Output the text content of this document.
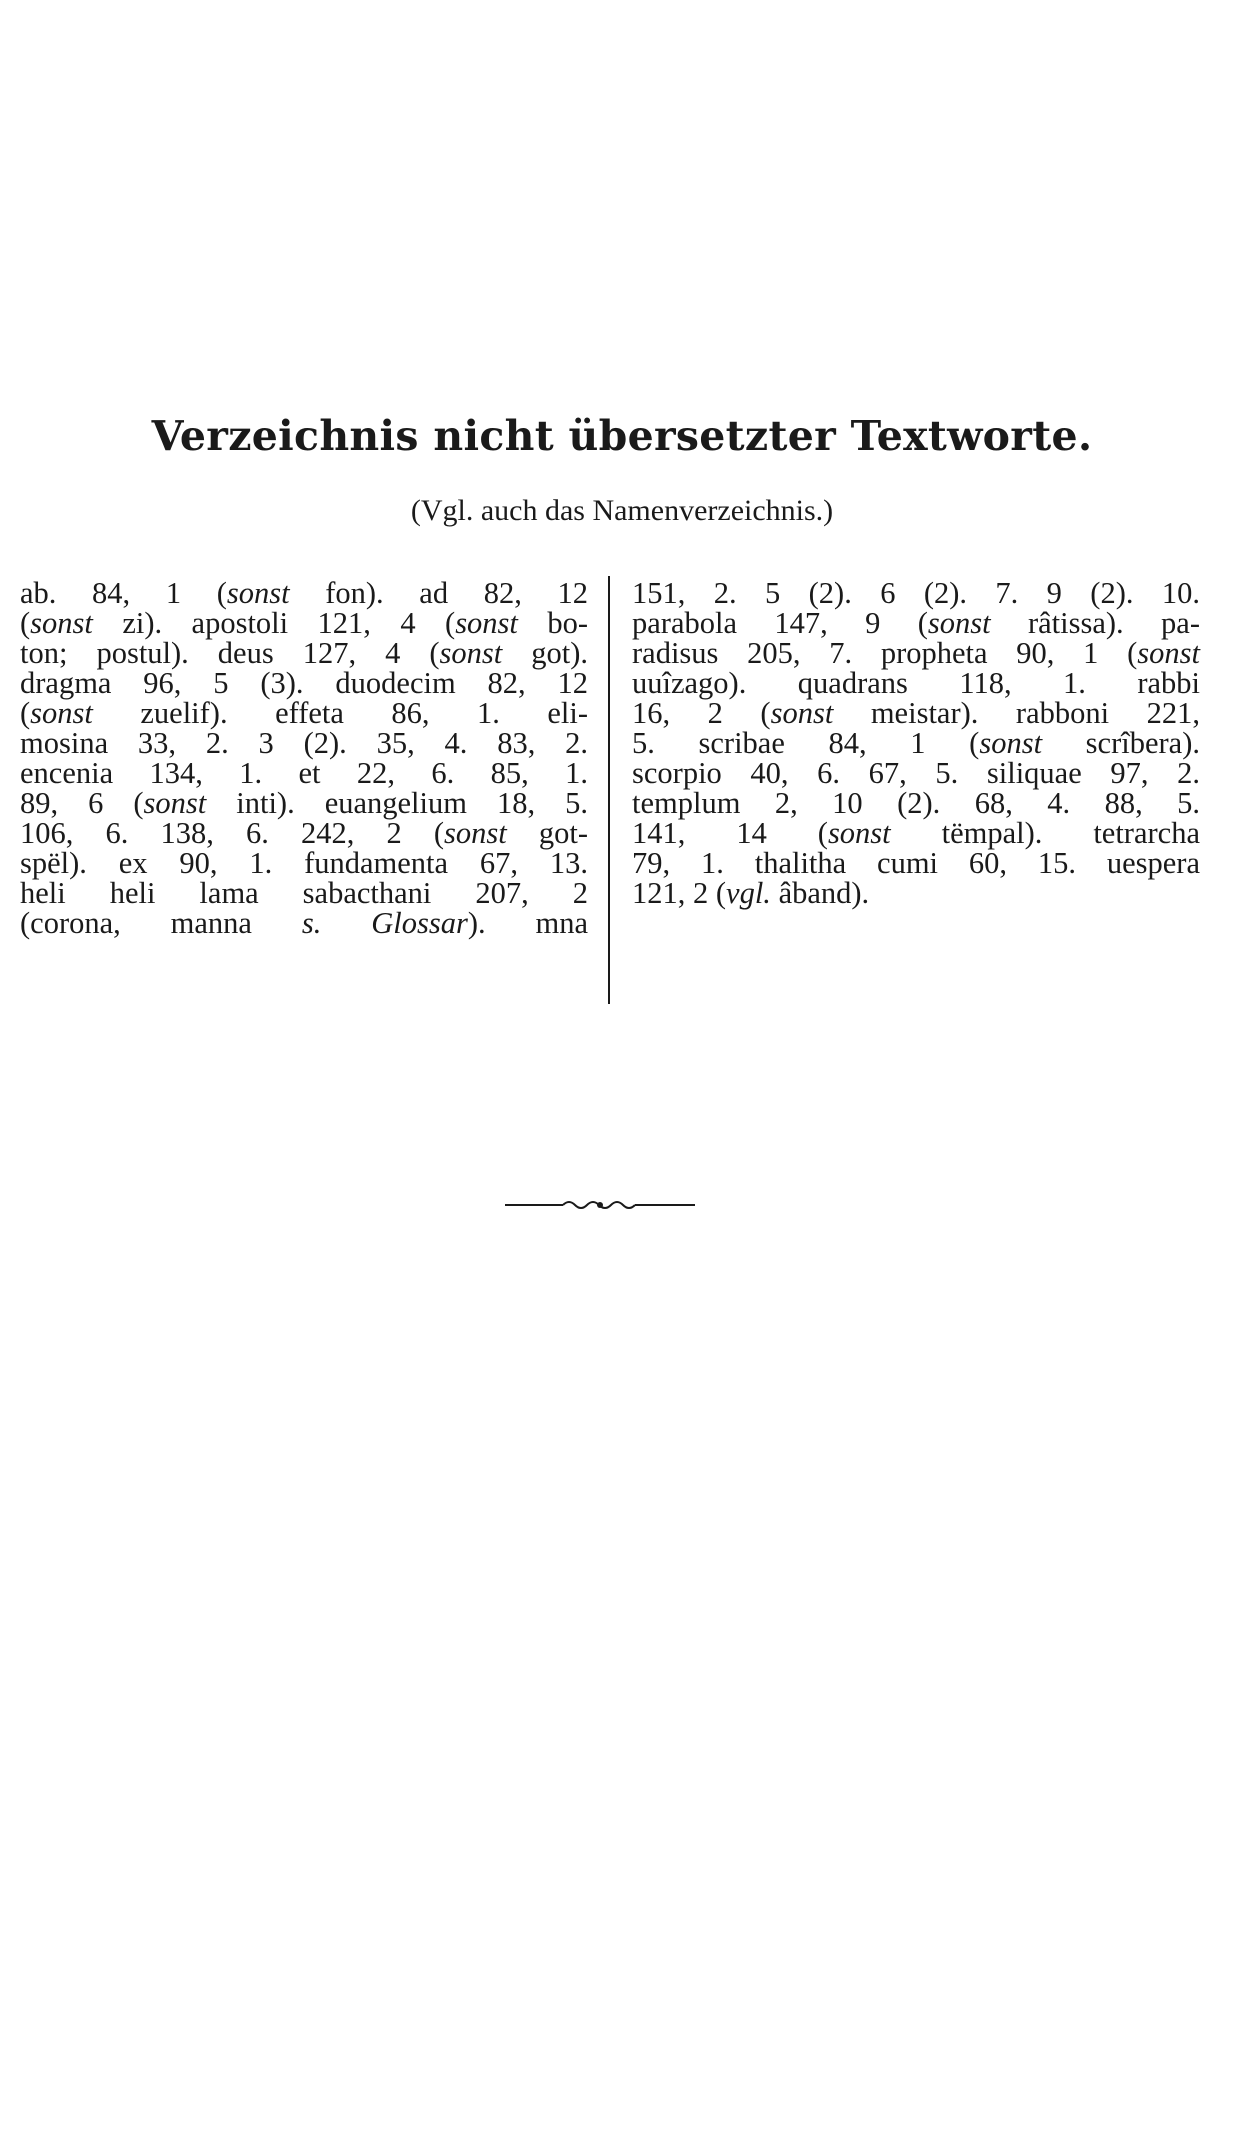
Verzeichnis nicht übersetzter Textworte.

(Vgl. auch das Namenverzeichnis.)

ab. 84, 1 (sonst fon). ad 82, 12
(sonst zi). apostoli 121, 4 (sonst bo-
ton; postul). deus 127, 4 (sonst got).
dragma 96, 5 (3). duodecim 82, 12
(sonst zuelif). effeta 86, 1. eli-
mosina 33, 2. 3 (2). 35, 4. 83, 2.
encenia 134, 1. et 22, 6. 85, 1.
89, 6 (sonst inti). euangelium 18, 5.
106, 6. 138, 6. 242, 2 (sonst got-
spël). ex 90, 1. fundamenta 67, 13.
heli heli lama sabacthani 207, 2
(corona, manna s. Glossar). mna
151, 2. 5 (2). 6 (2). 7. 9 (2). 10.
parabola 147, 9 (sonst râtissa). pa-
radisus 205, 7. propheta 90, 1 (sonst
uuîzago). quadrans 118, 1. rabbi
16, 2 (sonst meistar). rabboni 221,
5. scribae 84, 1 (sonst scrîbera).
scorpio 40, 6. 67, 5. siliquae 97, 2.
templum 2, 10 (2). 68, 4. 88, 5.
141, 14 (sonst tëmpal). tetrarcha
79, 1. thalitha cumi 60, 15. uespera
121, 2 (vgl. âband).
